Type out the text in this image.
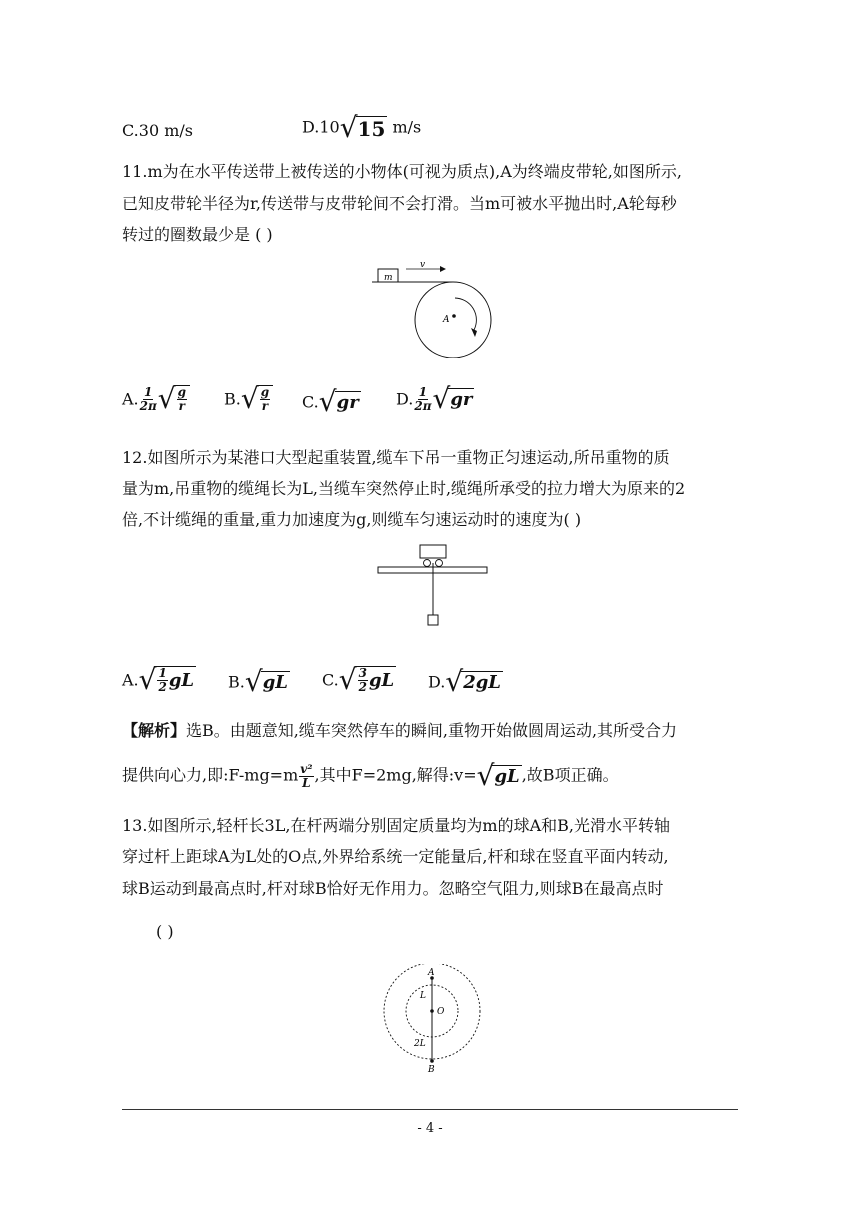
C.30 m/s	D.10 √ 15 m/s
11.m为在水平传送带上被传送的小物体(可视为质点),A为终端皮带轮,如图所示,
已知皮带轮半径为r,传送带与皮带轮间不会打滑。当m可被水平抛出时,A轮每秒
转过的圈数最少是 ( )
m
v
A
A. $\frac{1}{2\pi}$ √ $\frac{g}{r} B$. √ $\frac{g}{r} C$. √ gr D. $\frac{1}{2\pi}$ √ gr
12.如图所示为某港口大型起重装置,缆车下吊一重物正匀速运动,所吊重物的质
量为m,吊重物的缆绳长为L,当缆车突然停止时,缆绳所承受的拉力增大为原来的2
倍,不计缆绳的重量,重力加速度为g,则缆车匀速运动时的速度为( )
A. √ $\frac{1}{2}$ gL B. √ gL C. √ $\frac{3}{2}$ gL D. √ 2gL
【解析】选B。由题意知,缆车突然停车的瞬间,重物开始做圆周运动,其所受合力
提供向心力,即:F-mg=m $\frac{\text{v²}}{L}$ ,其中F=2mg,解得:v= √ gL ,故B项正确。
13.如图所示,轻杆长3L,在杆两端分别固定质量均为m的球A和B,光滑水平转轴
穿过杆上距球A为L处的O点,外界给系统一定能量后,杆和球在竖直平面内转动,
球B运动到最高点时,杆对球B恰好无作用力。忽略空气阻力,则球B在最高点时
( )
A
L
O
2L
B
- 4 -
